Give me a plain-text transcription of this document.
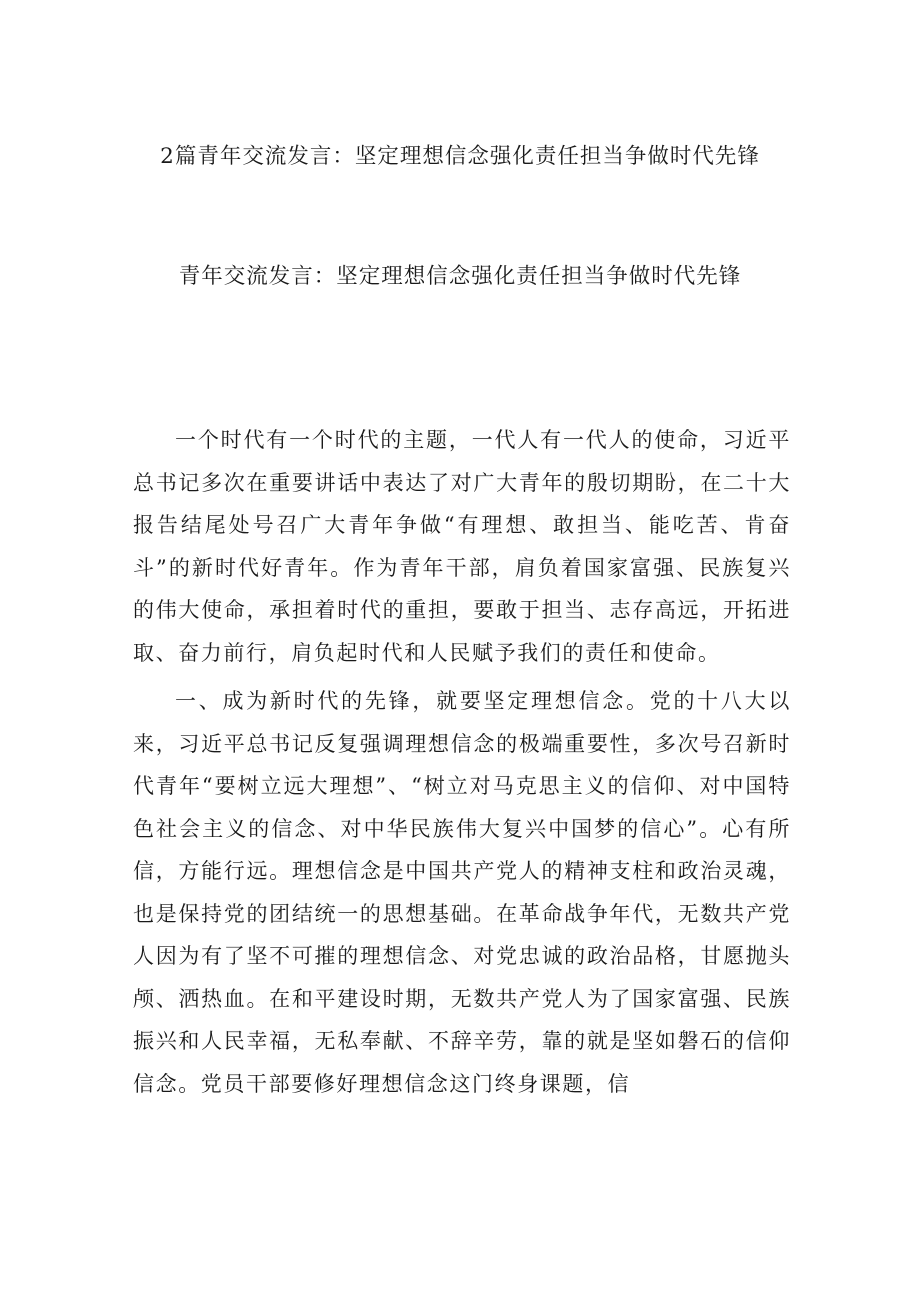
2篇青年交流发言：坚定理想信念强化责任担当争做时代先锋
青年交流发言：坚定理想信念强化责任担当争做时代先锋

一个时代有一个时代的主题，一代人有一代人的使命，习近平总书记多次在重要讲话中表达了对广大青年的殷切期盼，在二十大报告结尾处号召广大青年争做“有理想、敢担当、能吃苦、肯奋斗”的新时代好青年。作为青年干部，肩负着国家富强、民族复兴的伟大使命，承担着时代的重担，要敢于担当、志存高远，开拓进取、奋力前行，肩负起时代和人民赋予我们的责任和使命。

一、成为新时代的先锋，就要坚定理想信念。党的十八大以来，习近平总书记反复强调理想信念的极端重要性，多次号召新时代青年“要树立远大理想”、“树立对马克思主义的信仰、对中国特色社会主义的信念、对中华民族伟大复兴中国梦的信心”。心有所信，方能行远。理想信念是中国共产党人的精神支柱和政治灵魂，也是保持党的团结统一的思想基础。在革命战争年代，无数共产党人因为有了坚不可摧的理想信念、对党忠诚的政治品格，甘愿抛头颅、洒热血。在和平建设时期，无数共产党人为了国家富强、民族振兴和人民幸福，无私奉献、不辞辛劳，靠的就是坚如磐石的信仰信念。党员干部要修好理想信念这门终身课题，信
